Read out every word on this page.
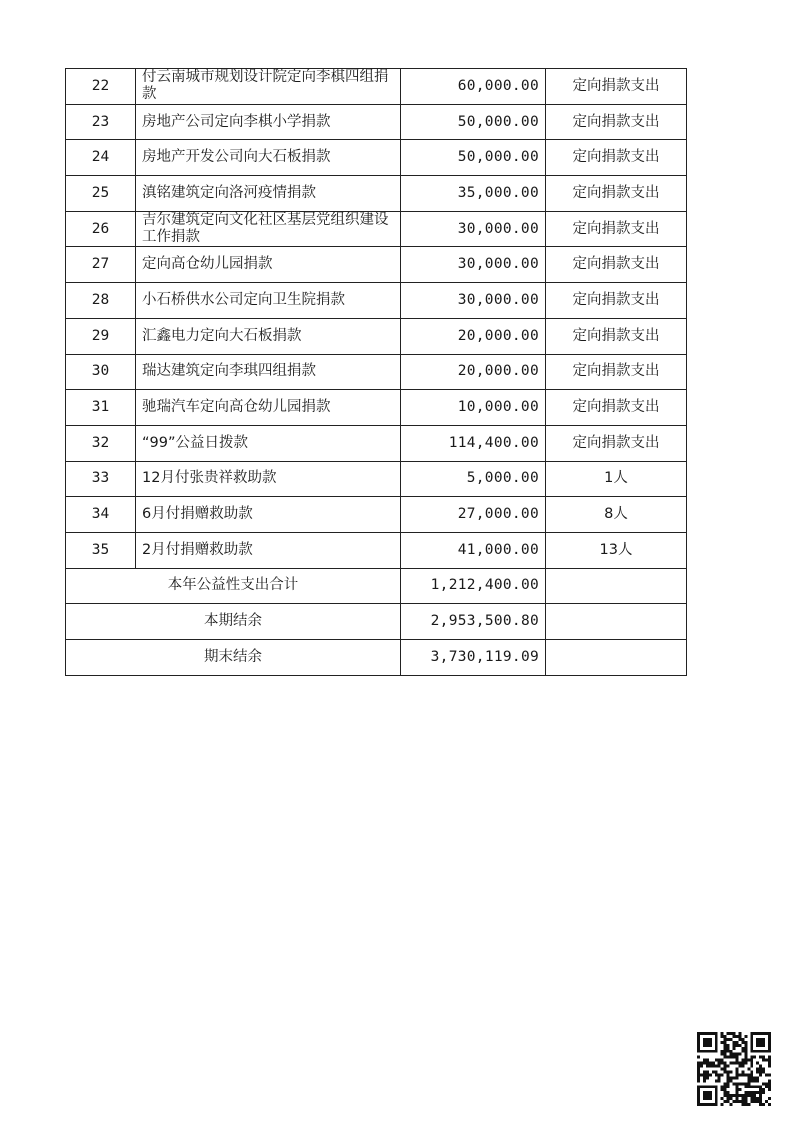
22	付云南城市规划设计院定向李棋四组捐款	60,000.00	定向捐款支出
23	房地产公司定向李棋小学捐款	50,000.00	定向捐款支出
24	房地产开发公司向大石板捐款	50,000.00	定向捐款支出
25	滇铭建筑定向洛河疫情捐款	35,000.00	定向捐款支出
26	吉尔建筑定向文化社区基层党组织建设工作捐款	30,000.00	定向捐款支出
27	定向高仓幼儿园捐款	30,000.00	定向捐款支出
28	小石桥供水公司定向卫生院捐款	30,000.00	定向捐款支出
29	汇鑫电力定向大石板捐款	20,000.00	定向捐款支出
30	瑞达建筑定向李琪四组捐款	20,000.00	定向捐款支出
31	驰瑞汽车定向高仓幼儿园捐款	10,000.00	定向捐款支出
32	“99”公益日拨款	114,400.00	定向捐款支出
33	12月付张贵祥救助款	5,000.00	1人
34	6月付捐赠救助款	27,000.00	8人
35	2月付捐赠救助款	41,000.00	13人
本年公益性支出合计		1,212,400.00	
本期结余		2,953,500.80	
期末结余		3,730,119.09	
